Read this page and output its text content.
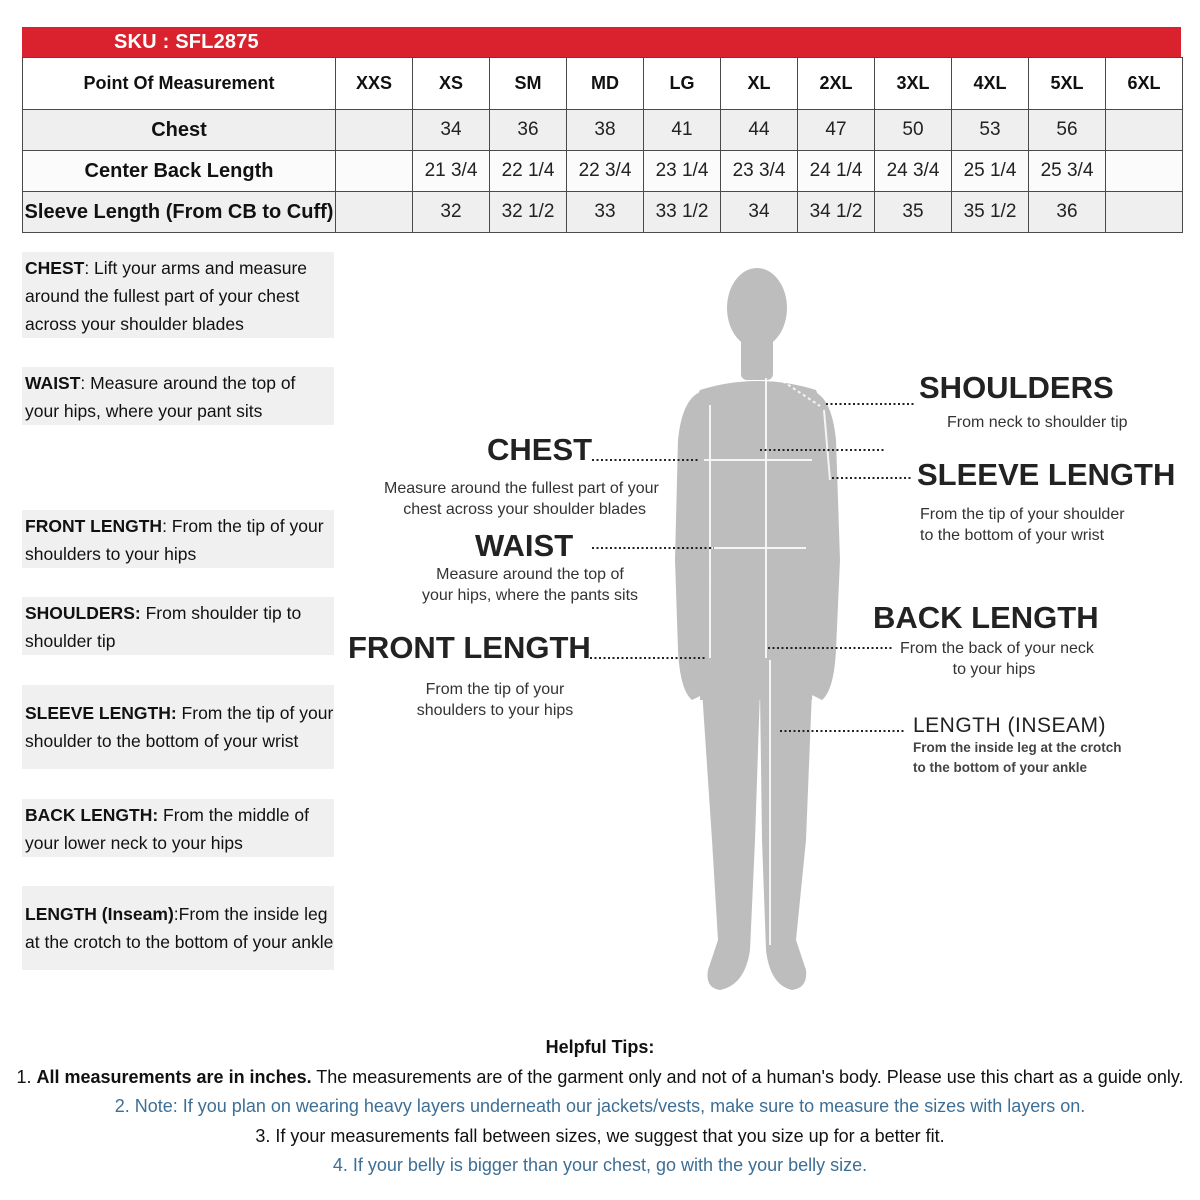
SKU : SFL2875
Point Of Measurement	XXS	XS	SM	MD	LG	XL	2XL	3XL	4XL	5XL	6XL
Chest		34	36	38	41	44	47	50	53	56	
Center Back Length		21 3/4	22 1/4	22 3/4	23 1/4	23 3/4	24 1/4	24 3/4	25 1/4	25 3/4	
Sleeve Length (From CB to Cuff)		32	32 1/2	33	33 1/2	34	34 1/2	35	35 1/2	36	
CHEST: Lift your arms and measure around the fullest part of your chest across your shoulder blades
WAIST: Measure around the top of your hips, where your pant sits
FRONT LENGTH: From the tip of your shoulders to your hips
SHOULDERS: From shoulder tip to shoulder tip
SLEEVE LENGTH: From the tip of your shoulder to the bottom of your wrist
BACK LENGTH: From the middle of your lower neck to your hips
LENGTH (Inseam):From the inside leg at the crotch to the bottom of your ankle
CHEST
Measure around the fullest part of your
chest across your shoulder blades
WAIST
Measure around the top of
your hips, where the pants sits
FRONT LENGTH
From the tip of your
shoulders to your hips
SHOULDERS
From neck to shoulder tip
SLEEVE LENGTH
From the tip of your shoulder
to the bottom of your wrist
BACK LENGTH
From the back of your neck
to your hips
LENGTH (INSEAM)
From the inside leg at the crotch
to the bottom of your ankle
Helpful Tips:
1. All measurements are in inches. The measurements are of the garment only and not of a human's body. Please use this chart as a guide only.
2. Note: If you plan on wearing heavy layers underneath our jackets/vests, make sure to measure the sizes with layers on.
3. If your measurements fall between sizes, we suggest that you size up for a better fit.
4. If your belly is bigger than your chest, go with the your belly size.
